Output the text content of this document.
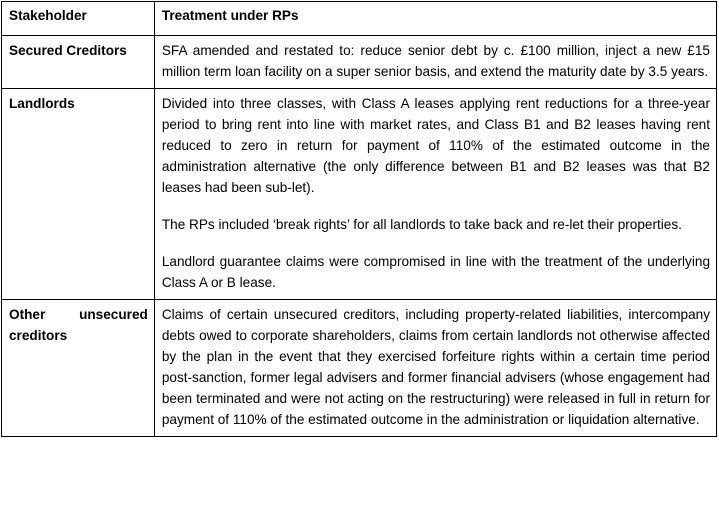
Stakeholder	Treatment under RPs
Secured Creditors	SFA amended and restated to: reduce senior debt by c. £100 million, inject a new £15 million term loan facility on a super senior basis, and extend the maturity date by 3.5 years.

Landlords	Divided into three classes, with Class A leases applying rent reductions for a three-year period to bring rent into line with market rates, and Class B1 and B2 leases having rent reduced to zero in return for payment of 110% of the estimated outcome in the administration alternative (the only difference between B1 and B2 leases was that B2 leases had been sub-let).

The RPs included ‘break rights’ for all landlords to take back and re-let their properties.

Landlord guarantee claims were compromised in line with the treatment of the underlying Class A or B lease.

Other unsecured
creditors	Claims of certain unsecured creditors, including property-related liabilities, intercompany debts owed to corporate shareholders, claims from certain landlords not otherwise affected by the plan in the event that they exercised forfeiture rights within a certain time period post-sanction, former legal advisers and former financial advisers (whose engagement had been terminated and were not acting on the restructuring) were released in full in return for payment of 110% of the estimated outcome in the administration or liquidation alternative.
